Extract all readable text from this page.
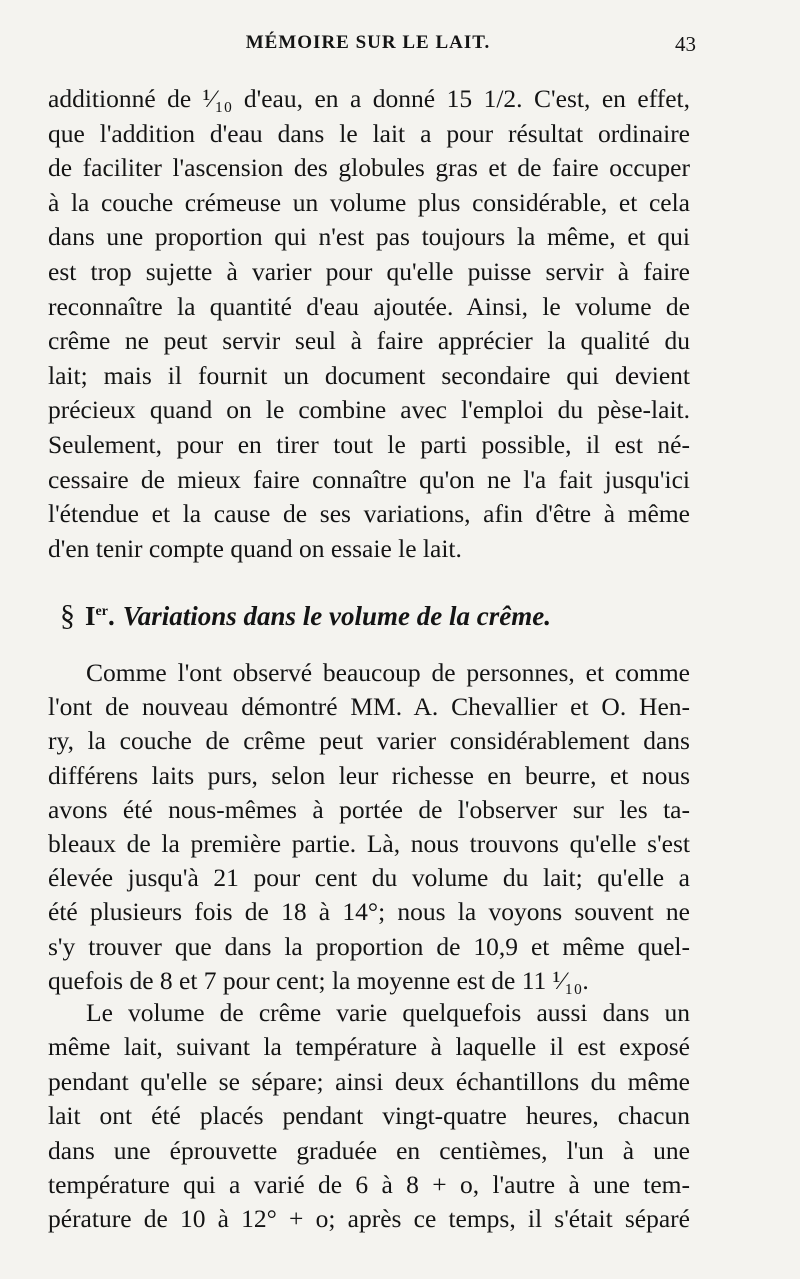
MÉMOIRE SUR LE LAIT.	43
additionné de ¹⁄₁₀ d'eau, en a donné 15 1/2. C'est, en effet,
que l'addition d'eau dans le lait a pour résultat ordinaire
de faciliter l'ascension des globules gras et de faire occuper
à la couche crémeuse un volume plus considérable, et cela
dans une proportion qui n'est pas toujours la même, et qui
est trop sujette à varier pour qu'elle puisse servir à faire
reconnaître la quantité d'eau ajoutée. Ainsi, le volume de
crême ne peut servir seul à faire apprécier la qualité du
lait; mais il fournit un document secondaire qui devient
précieux quand on le combine avec l'emploi du pèse-lait.
Seulement, pour en tirer tout le parti possible, il est né-
cessaire de mieux faire connaître qu'on ne l'a fait jusqu'ici
l'étendue et la cause de ses variations, afin d'être à même
d'en tenir compte quand on essaie le lait.
§ Ier. Variations dans le volume de la crême.
Comme l'ont observé beaucoup de personnes, et comme
l'ont de nouveau démontré MM. A. Chevallier et O. Hen-
ry, la couche de crême peut varier considérablement dans
différens laits purs, selon leur richesse en beurre, et nous
avons été nous-mêmes à portée de l'observer sur les ta-
bleaux de la première partie. Là, nous trouvons qu'elle s'est
élevée jusqu'à 21 pour cent du volume du lait; qu'elle a
été plusieurs fois de 18 à 14°; nous la voyons souvent ne
s'y trouver que dans la proportion de 10,9 et même quel-
quefois de 8 et 7 pour cent; la moyenne est de 11 ¹⁄₁₀.
Le volume de crême varie quelquefois aussi dans un
même lait, suivant la température à laquelle il est exposé
pendant qu'elle se sépare; ainsi deux échantillons du même
lait ont été placés pendant vingt-quatre heures, chacun
dans une éprouvette graduée en centièmes, l'un à une
température qui a varié de 6 à 8 + o, l'autre à une tem-
pérature de 10 à 12° + o; après ce temps, il s'était séparé
